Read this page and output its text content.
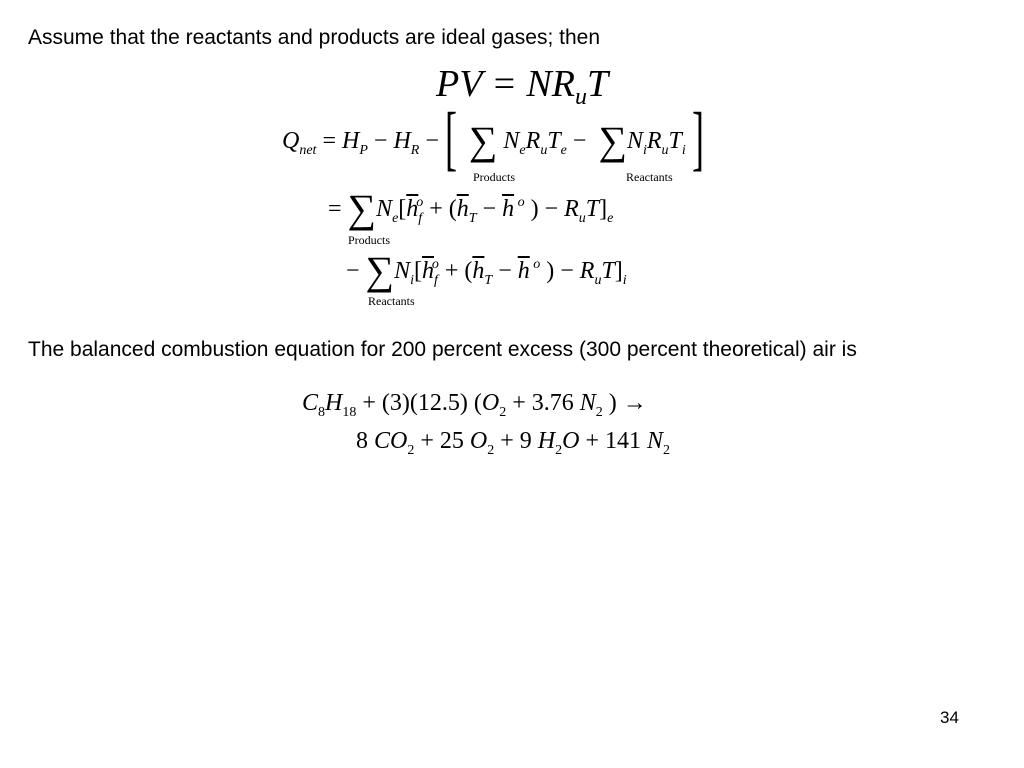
Assume that the reactants and products are ideal gases; then
PV = $NR_uT$
$Q_{net} = H_P - H_R$ −[ ∑ $N_eR_uT_e - \sum N_iR_uT_i$]
Products	Reactants
= $\sum N_e[\overline{h}_f^o + (\overline{h}_T - \overline{h}$ $^o$ ) − $R_uT]_e$
Products
− $\sum N_i[\overline{h}_f^o + (\overline{h}_T - \overline{h}$ $^o$ ) − $R_uT]_i$
Reactants
The balanced combustion equation for 200 percent excess (300 percent theoretical) air is
$C_8H_{18} + (3)(12.5) (O_2 + 3.76$ $N_2$ ) →
8 $CO_2 + 25$ $O_2 + 9$ $H_2O + 141$ $N_2$
34
